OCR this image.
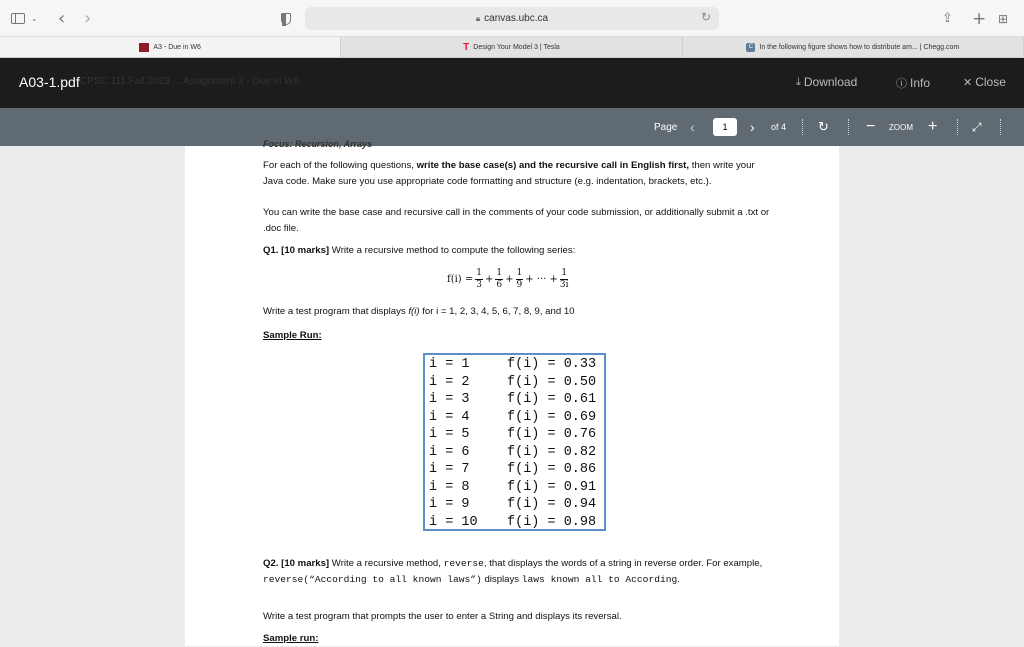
⌄ ‹ ›	🔒︎ canvas.ubc.ca	↻	⇪ + ⊞
A3 - Due in W6	T Design Your Model 3 | Tesla	C In the following figure shows how to distribute am... | Chegg.com
A03-1.pdf CPSC 111 Fall 2023 ... Assignment 3 - Due in W6	⤓ Download	ⓘ Info	✕ Close
Page ‹	1	› of 4 ↻ − ZOOM +	⤢
Focus: Recursion, Arrays
For each of the following questions, write the base case(s) and the recursive call in English first, then write your Java code. Make sure you use appropriate code formatting and structure (e.g. indentation, brackets, etc.).
You can write the base case and recursive call in the comments of your code submission, or additionally submit a .txt or .doc file.
Q1. [10 marks] Write a recursive method to compute the following series:
$f(i) = \frac{1}{3} + \frac{1}{6} + \frac{1}{9}$ + ··· + $\frac{1}{3i}$
Write a test program that displays f(i) for i = 1, 2, 3, 4, 5, 6, 7, 8, 9, and 10
Sample Run:
i = 1	f(i) = 0.33
i = 2	f(i) = 0.50
i = 3	f(i) = 0.61
i = 4	f(i) = 0.69
i = 5	f(i) = 0.76
i = 6	f(i) = 0.82
i = 7	f(i) = 0.86
i = 8	f(i) = 0.91
i = 9	f(i) = 0.94
i = 10	f(i) = 0.98
Q2. [10 marks] Write a recursive method, reverse, that displays the words of a string in reverse order. For example, reverse(“According to all known laws”) displays laws known all to According.
Write a test program that prompts the user to enter a String and displays its reversal.
Sample run:
